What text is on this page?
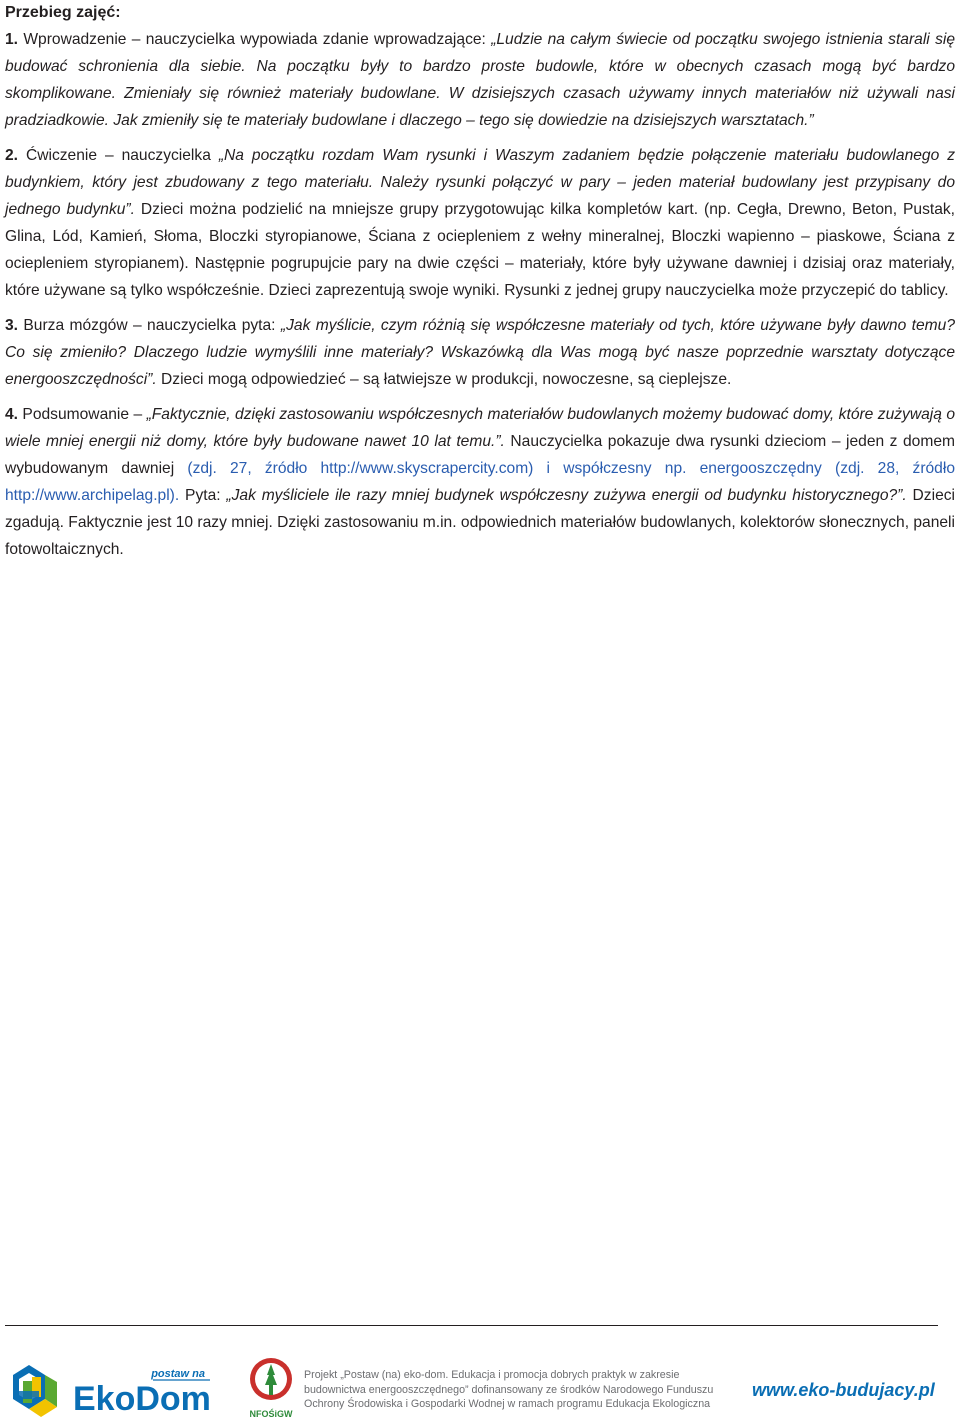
Przebieg zajęć:

1. Wprowadzenie – nauczycielka wypowiada zdanie wprowadzające: „Ludzie na całym świecie od początku swojego istnienia starali się budować schronienia dla siebie. Na początku były to bardzo proste budowle, które w obecnych czasach mogą być bardzo skomplikowane. Zmieniały się również materiały budowlane. W dzisiejszych czasach używamy innych materiałów niż używali nasi pradziadkowie. Jak zmieniły się te materiały budowlane i dlaczego – tego się dowiedzie na dzisiejszych warsztatach.”

2. Ćwiczenie – nauczycielka „Na początku rozdam Wam rysunki i Waszym zadaniem będzie połączenie materiału budowlanego z budynkiem, który jest zbudowany z tego materiału. Należy rysunki połączyć w pary – jeden materiał budowlany jest przypisany do jednego budynku”. Dzieci można podzielić na mniejsze grupy przygotowując kilka kompletów kart. (np. Cegła, Drewno, Beton, Pustak, Glina, Lód, Kamień, Słoma, Bloczki styropianowe, Ściana z ociepleniem z wełny mineralnej, Bloczki wapienno – piaskowe, Ściana z ociepleniem styropianem). Następnie pogrupujcie pary na dwie części – materiały, które były używane dawniej i dzisiaj oraz materiały, które używane są tylko współcześnie. Dzieci zaprezentują swoje wyniki. Rysunki z jednej grupy nauczycielka może przyczepić do tablicy.

3. Burza mózgów – nauczycielka pyta: „Jak myślicie, czym różnią się współczesne materiały od tych, które używane były dawno temu? Co się zmieniło? Dlaczego ludzie wymyślili inne materiały? Wskazówką dla Was mogą być nasze poprzednie warsztaty dotyczące energooszczędności”. Dzieci mogą odpowiedzieć – są łatwiejsze w produkcji, nowoczesne, są cieplejsze.

4. Podsumowanie – „Faktycznie, dzięki zastosowaniu współczesnych materiałów budowlanych możemy budować domy, które zużywają o wiele mniej energii niż domy, które były budowane nawet 10 lat temu.”. Nauczycielka pokazuje dwa rysunki dzieciom – jeden z domem wybudowanym dawniej (zdj. 27, źródło http://www.skyscrapercity.com) i współczesny np. energooszczędny (zdj. 28, źródło http://www.archipelag.pl). Pyta: „Jak myśliciele ile razy mniej budynek współczesny zużywa energii od budynku historycznego?”. Dzieci zgadują. Faktycznie jest 10 razy mniej. Dzięki zastosowaniu m.in. odpowiednich materiałów budowlanych, kolektorów słonecznych, paneli fotowoltaicznych.

postaw na
EkoDom	NFOŚiGW
Projekt „Postaw (na) eko-dom. Edukacja i promocja dobrych praktyk w zakresie
budownictwa energooszczędnego” dofinansowany ze środków Narodowego Funduszu
Ochrony Środowiska i Gospodarki Wodnej w ramach programu Edukacja Ekologiczna
www.eko-budujacy.pl
